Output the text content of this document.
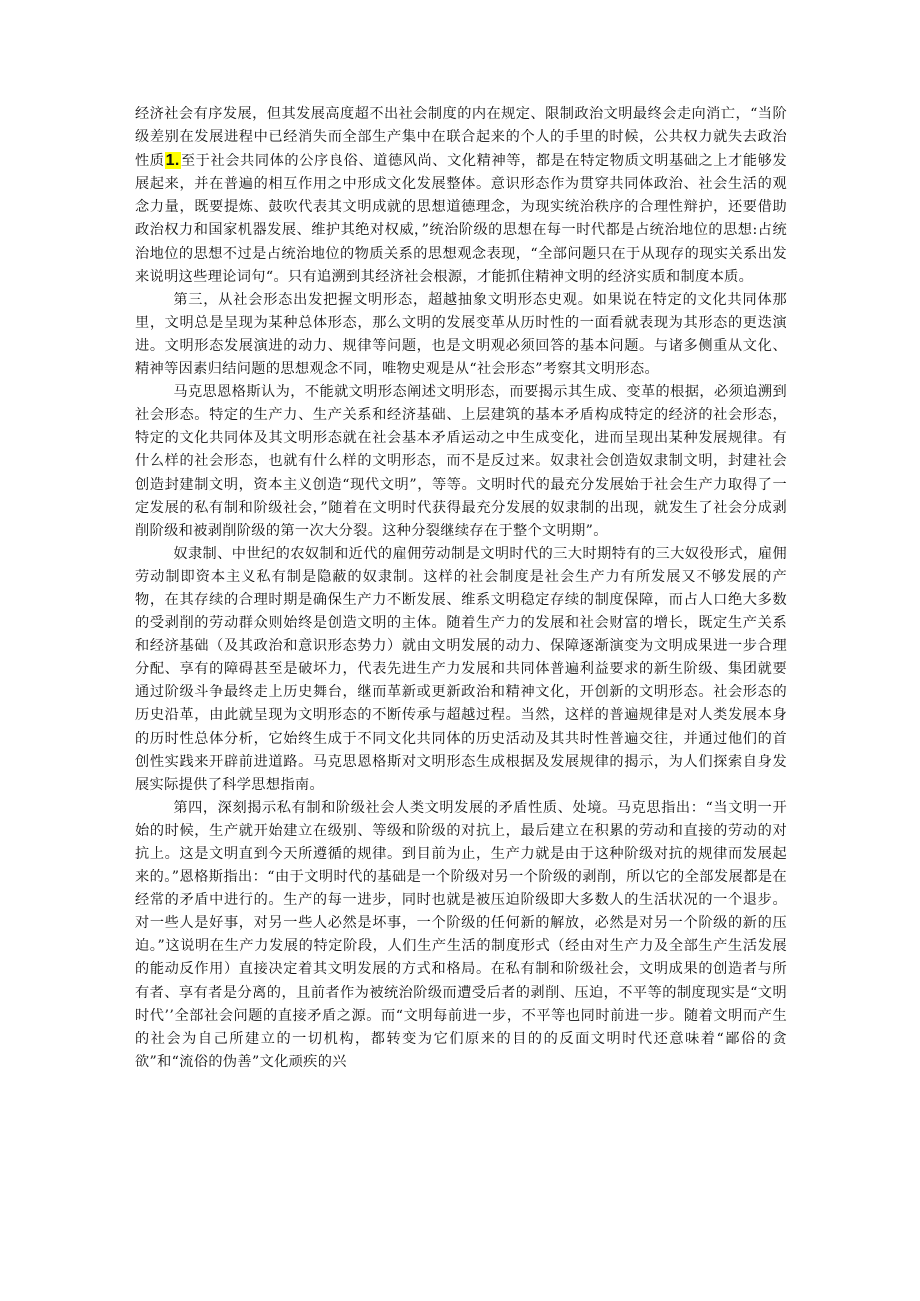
经济社会有序发展，但其发展高度超不出社会制度的内在规定、限制政治文明最终会走向消亡，“当阶级差别在发展进程中已经消失而全部生产集中在联合起来的个人的手里的时候，公共权力就失去政治性质1.至于社会共同体的公序良俗、道德风尚、文化精神等，都是在特定物质文明基础之上才能够发展起来，并在普遍的相互作用之中形成文化发展整体。意识形态作为贯穿共同体政治、社会生活的观念力量，既要提炼、鼓吹代表其文明成就的思想道德理念，为现实统治秩序的合理性辩护，还要借助政治权力和国家机器发展、维护其绝对权威，”统治阶级的思想在每一时代都是占统治地位的思想:占统治地位的思想不过是占统治地位的物质关系的思想观念表现，“全部问题只在于从现存的现实关系出发来说明这些理论词句“。只有追溯到其经济社会根源，才能抓住精神文明的经济实质和制度本质。

第三，从社会形态出发把握文明形态，超越抽象文明形态史观。如果说在特定的文化共同体那里，文明总是呈现为某种总体形态，那么文明的发展变革从历时性的一面看就表现为其形态的更迭演进。文明形态发展演进的动力、规律等问题，也是文明观必须回答的基本问题。与诸多侧重从文化、精神等因素归结问题的思想观念不同，唯物史观是从“社会形态”考察其文明形态。

马克思恩格斯认为，不能就文明形态阐述文明形态，而要揭示其生成、变革的根据，必须追溯到社会形态。特定的生产力、生产关系和经济基础、上层建筑的基本矛盾构成特定的经济的社会形态，特定的文化共同体及其文明形态就在社会基本矛盾运动之中生成变化，进而呈现出某种发展规律。有什么样的社会形态，也就有什么样的文明形态，而不是反过来。奴隶社会创造奴隶制文明，封建社会创造封建制文明，资本主义创造“现代文明”，等等。文明时代的最充分发展始于社会生产力取得了一定发展的私有制和阶级社会，”随着在文明时代获得最充分发展的奴隶制的出现，就发生了社会分成剥削阶级和被剥削阶级的第一次大分裂。这种分裂继续存在于整个文明期”。

奴隶制、中世纪的农奴制和近代的雇佣劳动制是文明时代的三大时期特有的三大奴役形式，雇佣劳动制即资本主义私有制是隐蔽的奴隶制。这样的社会制度是社会生产力有所发展又不够发展的产物，在其存续的合理时期是确保生产力不断发展、维系文明稳定存续的制度保障，而占人口绝大多数的受剥削的劳动群众则始终是创造文明的主体。随着生产力的发展和社会财富的增长，既定生产关系和经济基础（及其政治和意识形态势力）就由文明发展的动力、保障逐渐演变为文明成果进一步合理分配、享有的障碍甚至是破坏力，代表先进生产力发展和共同体普遍利益要求的新生阶级、集团就要通过阶级斗争最终走上历史舞台，继而革新或更新政治和精神文化，开创新的文明形态。社会形态的历史沿革，由此就呈现为文明形态的不断传承与超越过程。当然，这样的普遍规律是对人类发展本身的历时性总体分析，它始终生成于不同文化共同体的历史活动及其共时性普遍交往，并通过他们的首创性实践来开辟前进道路。马克思恩格斯对文明形态生成根据及发展规律的揭示，为人们探索自身发展实际提供了科学思想指南。

第四，深刻揭示私有制和阶级社会人类文明发展的矛盾性质、处境。马克思指出：“当文明一开始的时候，生产就开始建立在级别、等级和阶级的对抗上，最后建立在积累的劳动和直接的劳动的对抗上。这是文明直到今天所遵循的规律。到目前为止，生产力就是由于这种阶级对抗的规律而发展起来的。”恩格斯指出：“由于文明时代的基础是一个阶级对另一个阶级的剥削，所以它的全部发展都是在经常的矛盾中进行的。生产的每一进步，同时也就是被压迫阶级即大多数人的生活状况的一个退步。对一些人是好事，对另一些人必然是坏事，一个阶级的任何新的解放，必然是对另一个阶级的新的压迫。”这说明在生产力发展的特定阶段，人们生产生活的制度形式（经由对生产力及全部生产生活发展的能动反作用）直接决定着其文明发展的方式和格局。在私有制和阶级社会，文明成果的创造者与所有者、享有者是分离的，且前者作为被统治阶级而遭受后者的剥削、压迫，不平等的制度现实是“文明时代’’全部社会问题的直接矛盾之源。而“文明每前进一步，不平等也同时前进一步。随着文明而产生的社会为自己所建立的一切机构，都转变为它们原来的目的的反面文明时代还意味着“鄙俗的贪欲”和“流俗的伪善”文化顽疾的兴
